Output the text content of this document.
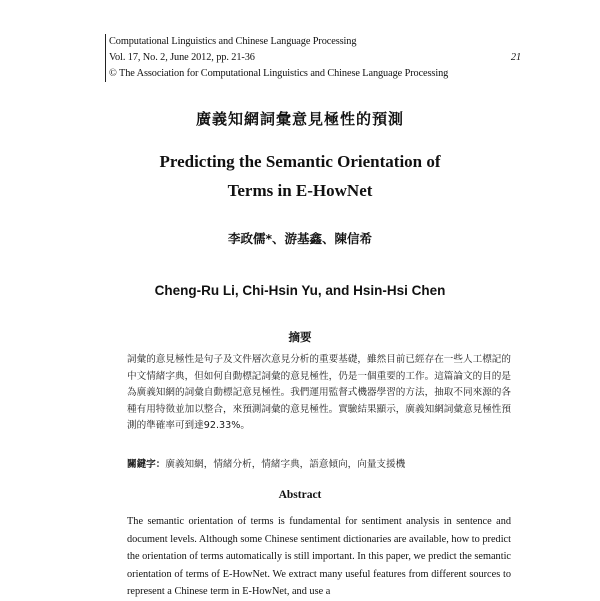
Computational Linguistics and Chinese Language Processing
Vol. 17, No. 2, June 2012, pp. 21-36	21
© The Association for Computational Linguistics and Chinese Language Processing
廣義知網詞彙意見極性的預測
Predicting the Semantic Orientation of
Terms in E-HowNet
李政儒*、游基鑫、陳信希
Cheng-Ru Li, Chi-Hsin Yu, and Hsin-Hsi Chen
摘要
詞彙的意見極性是句子及文件層次意見分析的重要基礎，雖然目前已經存在一些人工標記的中文情緒字典，但如何自動標記詞彙的意見極性，仍是一個重要的工作。這篇論文的目的是為廣義知網的詞彙自動標記意見極性。我們運用監督式機器學習的方法，抽取不同來源的各種有用特徵並加以整合，來預測詞彙的意見極性。實驗結果顯示，廣義知網詞彙意見極性預測的準確率可到達92.33%。
關鍵字：廣義知網，情緒分析，情緒字典，語意傾向，向量支援機
Abstract
The semantic orientation of terms is fundamental for sentiment analysis in sentence and document levels. Although some Chinese sentiment dictionaries are available, how to predict the orientation of terms automatically is still important. In this paper, we predict the semantic orientation of terms of E-HowNet. We extract many useful features from different sources to represent a Chinese term in E-HowNet, and use a
